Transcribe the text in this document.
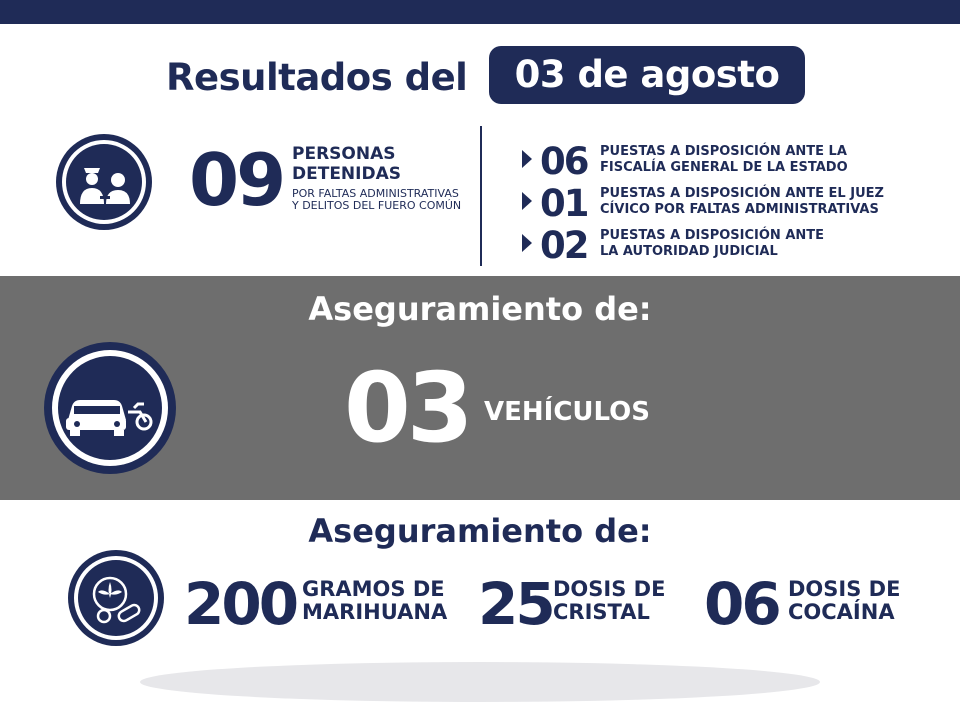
Resultados del	03 de agosto
09 PERSONAS
DETENIDAS
POR FALTAS ADMINISTRATIVAS
Y DELITOS DEL FUERO COMÚN
06 PUESTAS A DISPOSICIÓN ANTE LA
FISCALÍA GENERAL DE LA ESTADO
01 PUESTAS A DISPOSICIÓN ANTE EL JUEZ
CÍVICO POR FALTAS ADMINISTRATIVAS
02 PUESTAS A DISPOSICIÓN ANTE
LA AUTORIDAD JUDICIAL
Aseguramiento de:
03 VEHÍCULOS
Aseguramiento de:
200 GRAMOS DE
MARIHUANA 25 DOSIS DE
CRISTAL 06 DOSIS DE
COCAÍNA
